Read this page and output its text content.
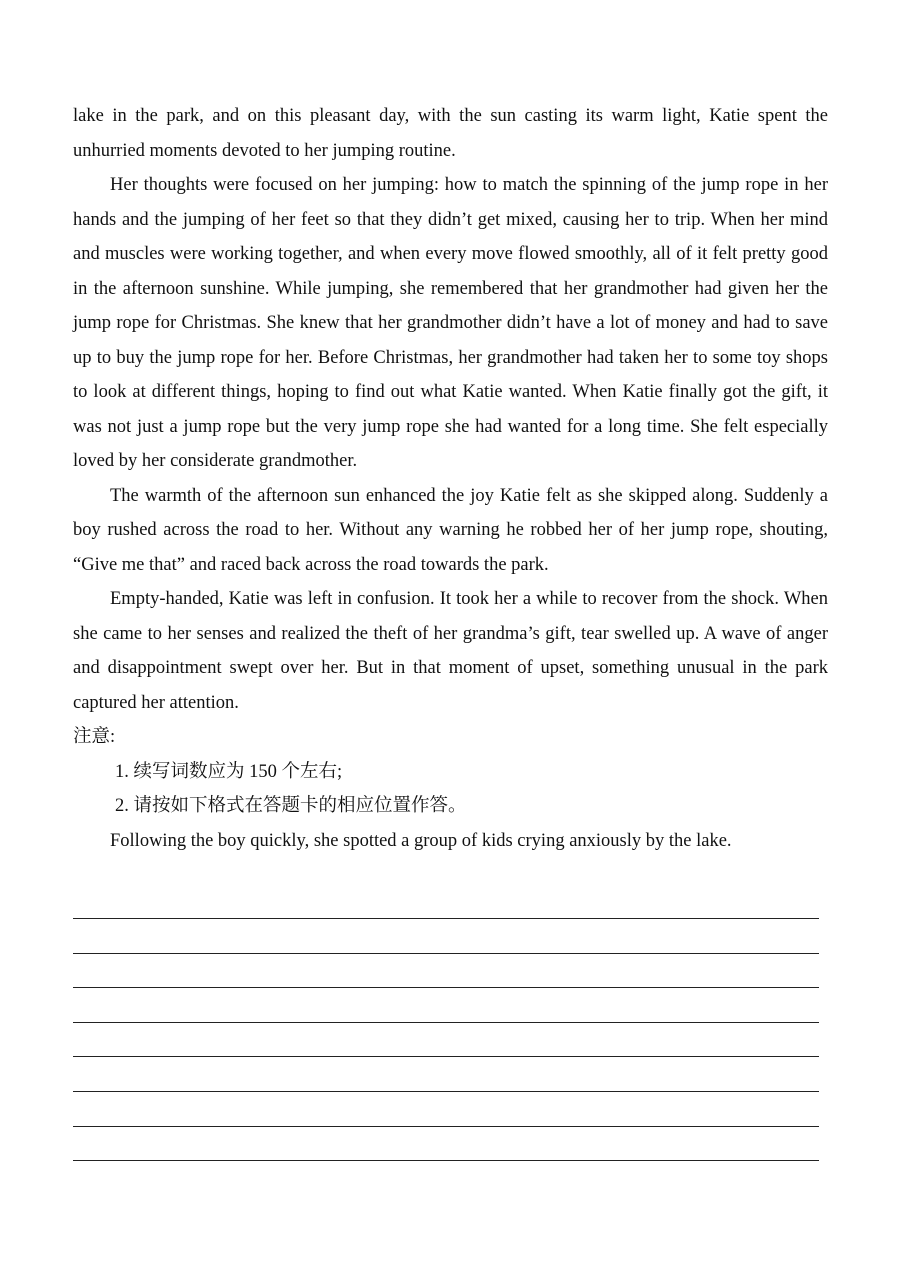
lake in the park, and on this pleasant day, with the sun casting its warm light, Katie spent the unhurried moments devoted to her jumping routine.

Her thoughts were focused on her jumping: how to match the spinning of the jump rope in her hands and the jumping of her feet so that they didn’t get mixed, causing her to trip. When her mind and muscles were working together, and when every move flowed smoothly, all of it felt pretty good in the afternoon sunshine. While jumping, she remembered that her grandmother had given her the jump rope for Christmas. She knew that her grandmother didn’t have a lot of money and had to save up to buy the jump rope for her. Before Christmas, her grandmother had taken her to some toy shops to look at different things, hoping to find out what Katie wanted. When Katie finally got the gift, it was not just a jump rope but the very jump rope she had wanted for a long time. She felt especially loved by her considerate grandmother.

The warmth of the afternoon sun enhanced the joy Katie felt as she skipped along. Suddenly a boy rushed across the road to her. Without any warning he robbed her of her jump rope, shouting, “Give me that” and raced back across the road towards the park.

Empty-handed, Katie was left in confusion. It took her a while to recover from the shock. When she came to her senses and realized the theft of her grandma’s gift, tear swelled up. A wave of anger and disappointment swept over her. But in that moment of upset, something unusual in the park captured her attention.

注意:

1. 续写词数应为 150 个左右;

2. 请按如下格式在答题卡的相应位置作答。

Following the boy quickly, she spotted a group of kids crying anxiously by the lake.
